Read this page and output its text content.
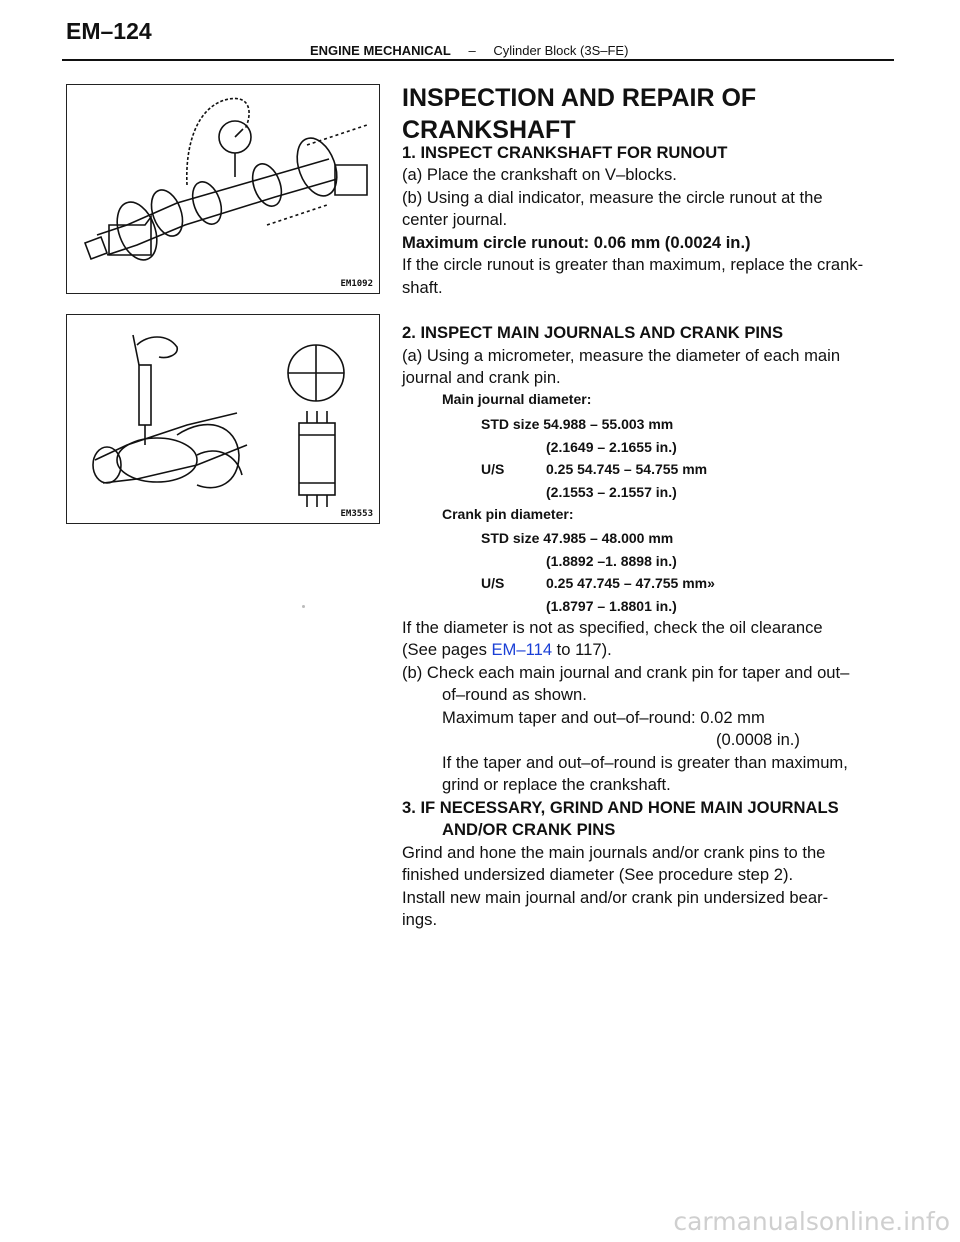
EM–124
ENGINE MECHANICAL – Cylinder Block (3S–FE)
EM1092
EM3553
INSPECTION AND REPAIR OF
CRANKSHAFT
1. INSPECT CRANKSHAFT FOR RUNOUT
(a) Place the crankshaft on V–blocks.
(b) Using a dial indicator, measure the circle runout at the
center journal.
Maximum circle runout: 0.06 mm (0.0024 in.)
If the circle runout is greater than maximum, replace the crank-
shaft.
2. INSPECT MAIN JOURNALS AND CRANK PINS
(a) Using a micrometer, measure the diameter of each main
journal and crank pin.
Main journal diameter:
STD size 54.988 – 55.003 mm
(2.1649 – 2.1655 in.)
U/S	0.25 54.745 – 54.755 mm
(2.1553 – 2.1557 in.)
Crank pin diameter:
STD size 47.985 – 48.000 mm
(1.8892 –1. 8898 in.)
U/S	0.25 47.745 – 47.755 mm»
(1.8797 – 1.8801 in.)
If the diameter is not as specified, check the oil clearance
(See pages EM–114 to 117).
(b) Check each main journal and crank pin for taper and out–
of–round as shown.
Maximum taper and out–of–round: 0.02 mm
(0.0008 in.)
If the taper and out–of–round is greater than maximum,
grind or replace the crankshaft.
3. IF NECESSARY, GRIND AND HONE MAIN JOURNALS
AND/OR CRANK PINS
Grind and hone the main journals and/or crank pins to the
finished undersized diameter (See procedure step 2).
Install new main journal and/or crank pin undersized bear-
ings.
carmanualsonline.info
